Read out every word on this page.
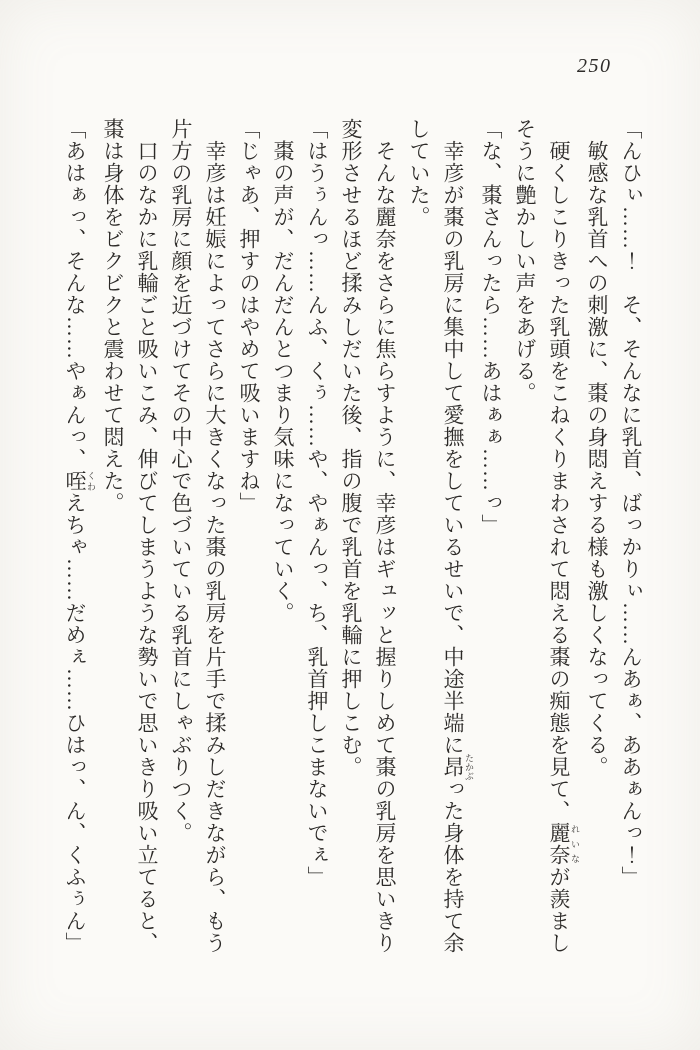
250

「んひぃ……！　そ、そんなに乳首、ばっかりぃ……んあぁ、ああぁんっ！」

敏感な乳首への刺激に、棗の身悶えする様も激しくなってくる。

硬くしこりきった乳頭をこねくりまわされて悶える棗の痴態を見て、麗奈 れいなが羨まし

そうに艶かしい声をあげる。

「な、棗さんったら……あはぁぁ……っ」

幸彦が棗の乳房に集中して愛撫をしているせいで、中途半端に昂 たかぶった身体を持て余

していた。

そんな麗奈をさらに焦らすように、幸彦はギュッと握りしめて棗の乳房を思いきり

変形させるほど揉みしだいた後、指の腹で乳首を乳輪に押しこむ。

「はうぅんっ……んふ、くぅ……や、やぁんっ、ち、乳首押しこまないでぇ」

棗の声が、だんだんとつまり気味になっていく。

「じゃあ、押すのはやめて吸いますね」

幸彦は妊娠によってさらに大きくなった棗の乳房を片手で揉みしだきながら、もう

片方の乳房に顔を近づけてその中心で色づいている乳首にしゃぶりつく。

口のなかに乳輪ごと吸いこみ、伸びてしまうような勢いで思いきり吸い立てると、

棗は身体をビクビクと震わせて悶えた。

「あはぁっ、そんな……やぁんっ、咥 くわえちゃ……だめぇ……ひはっ、ん、くふぅん」
